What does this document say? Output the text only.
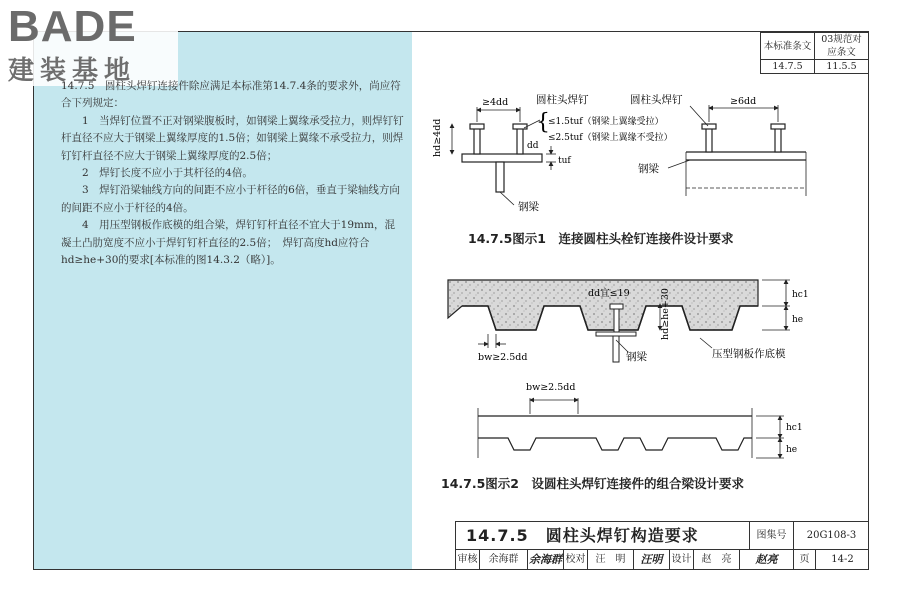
BADE
建装基地

14.7.5　圆柱头焊钉连接件除应满足本标准第14.7.4条的要求外，尚应符合下列规定：

1　当焊钉位置不正对钢梁腹板时，如钢梁上翼缘承受拉力，则焊钉钉杆直径不应大于钢梁上翼缘厚度的1.5倍；如钢梁上翼缘不承受拉力，则焊钉钉杆直径不应大于钢梁上翼缘厚度的2.5倍；

2　焊钉长度不应小于其杆径的4倍。

3　焊钉沿梁轴线方向的间距不应小于杆径的6倍，垂直于梁轴线方向的间距不应小于杆径的4倍。

4　用压型钢板作底模的组合梁，焊钉钉杆直径不宜大于19mm，混凝土凸肋宽度不应小于焊钉钉杆直径的2.5倍；　焊钉高度hd应符合hd≥he+30的要求[本标准的图14.3.2（略）]。

本标准条文	03规范对应条文
14.7.5	11.5.5
≥4dd
hd≥4dd	dd
圆柱头焊钉
{
≤1.5tuf（钢梁上翼缘受拉）
≤2.5tuf（钢梁上翼缘不受拉）
tuf
钢梁
≥6dd
圆柱头焊钉
钢梁
dd宜≤19	hd≥he+30	hc1
he
bw≥2.5dd	钢梁	压型钢板作底模
bw≥2.5dd
hc1
he
14.7.5图示1　连接圆柱头栓钉连接件设计要求
14.7.5图示2　设圆柱头焊钉连接件的组合梁设计要求
14.7.5　圆柱头焊钉构造要求	图集号	20G108-3
审核	余海群 余海群 校对	汪　明	汪明 设计	赵　亮	赵亮	页	14-2
